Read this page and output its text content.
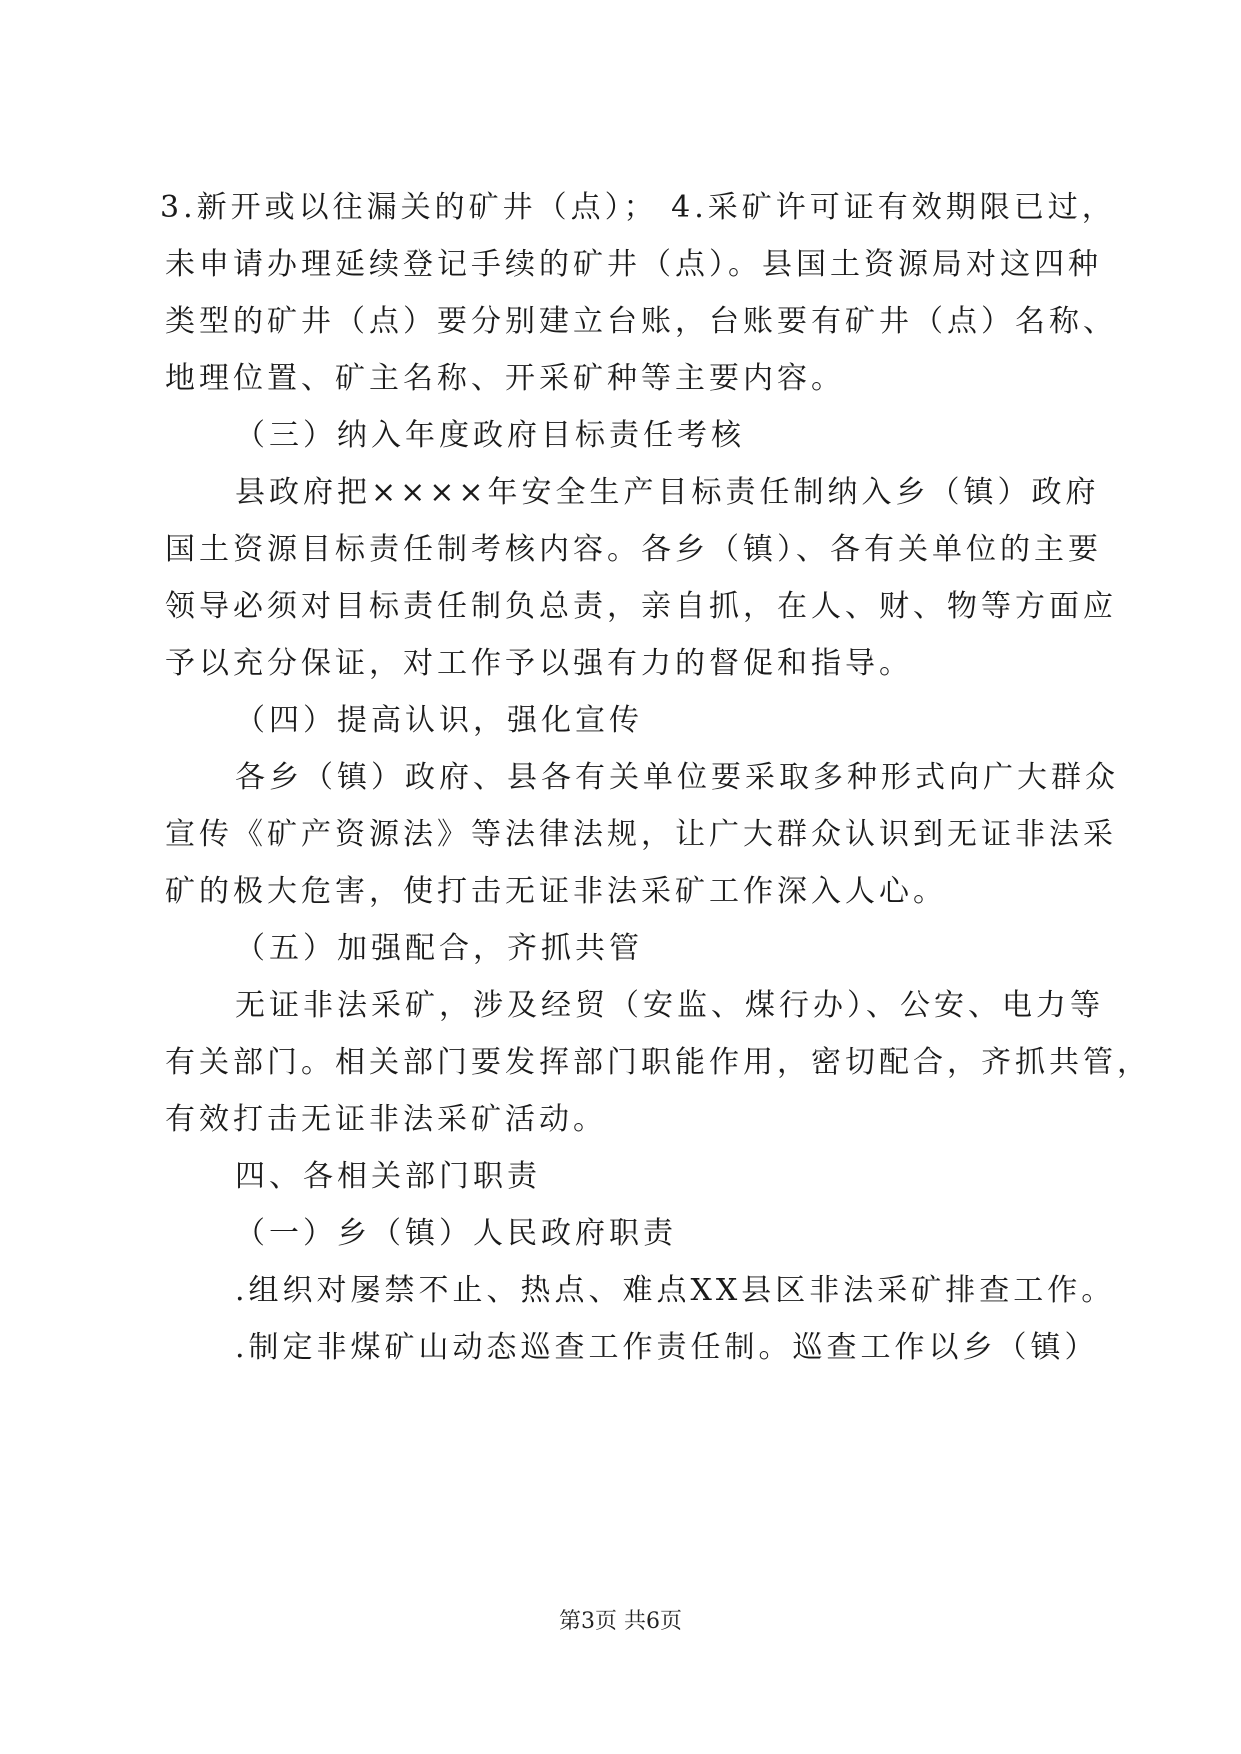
3.新开或以往漏关的矿井（点）； 4.采矿许可证有效期限已过，
未申请办理延续登记手续的矿井（点）。县国土资源局对这四种
类型的矿井（点）要分别建立台账，台账要有矿井（点）名称、
地理位置、矿主名称、开采矿种等主要内容。
（三）纳入年度政府目标责任考核
县政府把××××年安全生产目标责任制纳入乡（镇）政府
国土资源目标责任制考核内容。各乡（镇）、各有关单位的主要
领导必须对目标责任制负总责，亲自抓，在人、财、物等方面应
予以充分保证，对工作予以强有力的督促和指导。
（四）提高认识，强化宣传
各乡（镇）政府、县各有关单位要采取多种形式向广大群众
宣传《矿产资源法》等法律法规，让广大群众认识到无证非法采
矿的极大危害，使打击无证非法采矿工作深入人心。
（五）加强配合，齐抓共管
无证非法采矿，涉及经贸（安监、煤行办）、公安、电力等
有关部门。相关部门要发挥部门职能作用，密切配合，齐抓共管，
有效打击无证非法采矿活动。
四、各相关部门职责
（一）乡（镇）人民政府职责
.组织对屡禁不止、热点、难点XX县区非法采矿排查工作。
.制定非煤矿山动态巡查工作责任制。巡查工作以乡（镇）
第3页 共6页
